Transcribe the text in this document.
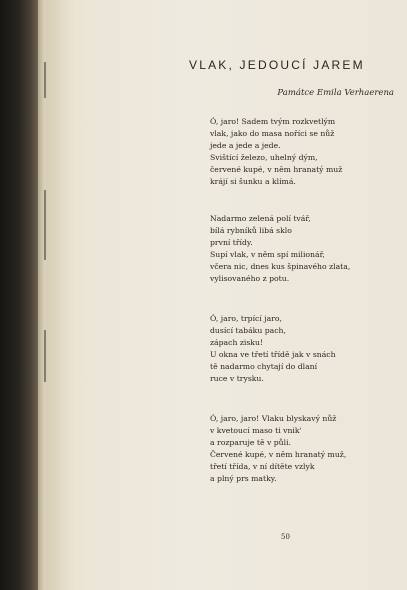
VLAK, JEDOUCÍ JAREM
Památce Emila Verhaerena
Ó, jaro! Sadem tvým rozkvetlým
vlak, jako do masa noříci se nůž
jede a jede a jede.
Svištící železo, uhelný dým,
červené kupé, v něm hranatý muž
krájí si šunku a klímá.
Nadarmo zelená polí tvář,
bílá rybníků libá sklo
první třídy.
Supí vlak, v něm spí milionář,
včera nic, dnes kus špinavého zlata,
vylisovaného z potu.
Ó, jaro, trpící jaro,
dusící tabáku pach,
zápach zisku!
U okna ve třetí třídě jak v snách
tě nadarmo chytají do dlaní
ruce v trysku.
Ó, jaro, jaro! Vlaku blyskavý nůž
v kvetoucí maso ti vnik'
a rozparuje tě v půli.
Červené kupé, v něm hranatý muž,
třetí třída, v ní dítěte vzlyk
a plný prs matky.
50
